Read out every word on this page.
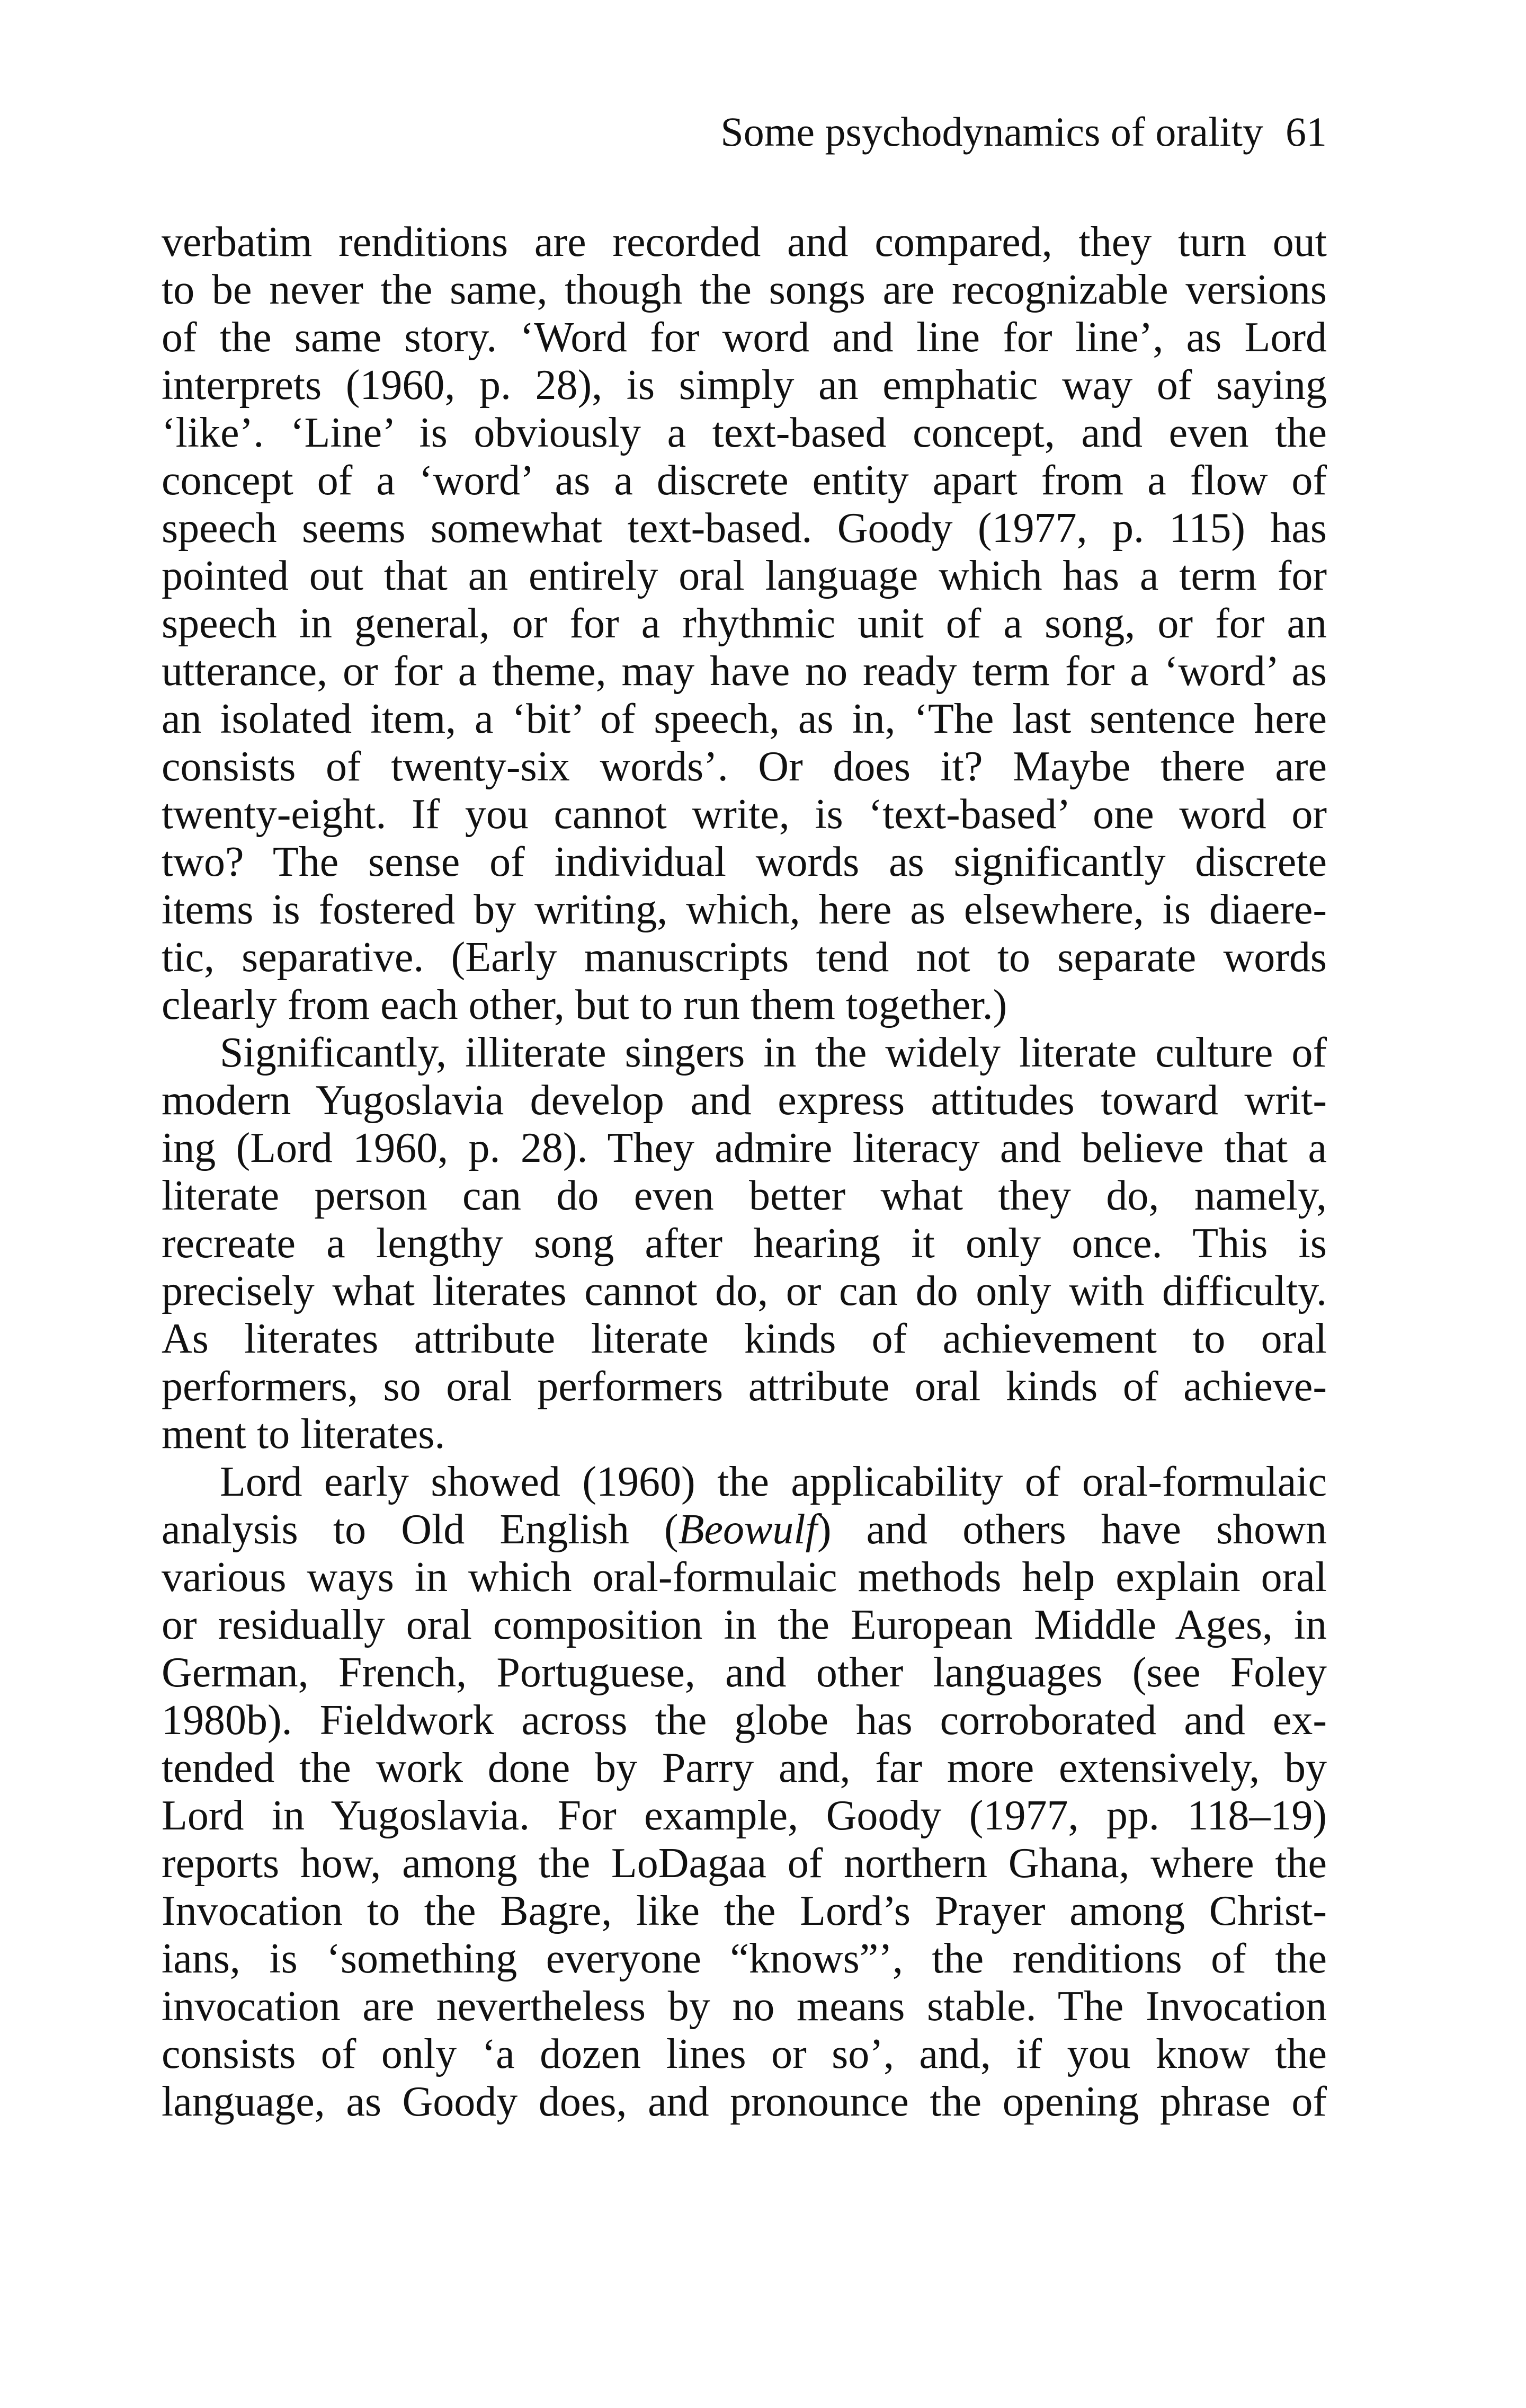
Some psychodynamics of orality 61
verbatim renditions are recorded and compared, they turn out
to be never the same, though the songs are recognizable versions
of the same story. ‘Word for word and line for line’, as Lord
interprets (1960, p. 28), is simply an emphatic way of saying
‘like’. ‘Line’ is obviously a text-based concept, and even the
concept of a ‘word’ as a discrete entity apart from a flow of
speech seems somewhat text-based. Goody (1977, p. 115) has
pointed out that an entirely oral language which has a term for
speech in general, or for a rhythmic unit of a song, or for an
utterance, or for a theme, may have no ready term for a ‘word’ as
an isolated item, a ‘bit’ of speech, as in, ‘The last sentence here
consists of twenty-six words’. Or does it? Maybe there are
twenty-eight. If you cannot write, is ‘text-based’ one word or
two? The sense of individual words as significantly discrete
items is fostered by writing, which, here as elsewhere, is diaere-
tic, separative. (Early manuscripts tend not to separate words
clearly from each other, but to run them together.)
Significantly, illiterate singers in the widely literate culture of
modern Yugoslavia develop and express attitudes toward writ-
ing (Lord 1960, p. 28). They admire literacy and believe that a
literate person can do even better what they do, namely,
recreate a lengthy song after hearing it only once. This is
precisely what literates cannot do, or can do only with difficulty.
As literates attribute literate kinds of achievement to oral
performers, so oral performers attribute oral kinds of achieve-
ment to literates.
Lord early showed (1960) the applicability of oral-formulaic
analysis to Old English (Beowulf) and others have shown
various ways in which oral-formulaic methods help explain oral
or residually oral composition in the European Middle Ages, in
German, French, Portuguese, and other languages (see Foley
1980b). Fieldwork across the globe has corroborated and ex-
tended the work done by Parry and, far more extensively, by
Lord in Yugoslavia. For example, Goody (1977, pp. 118–19)
reports how, among the LoDagaa of northern Ghana, where the
Invocation to the Bagre, like the Lord’s Prayer among Christ-
ians, is ‘something everyone “knows”’, the renditions of the
invocation are nevertheless by no means stable. The Invocation
consists of only ‘a dozen lines or so’, and, if you know the
language, as Goody does, and pronounce the opening phrase of
